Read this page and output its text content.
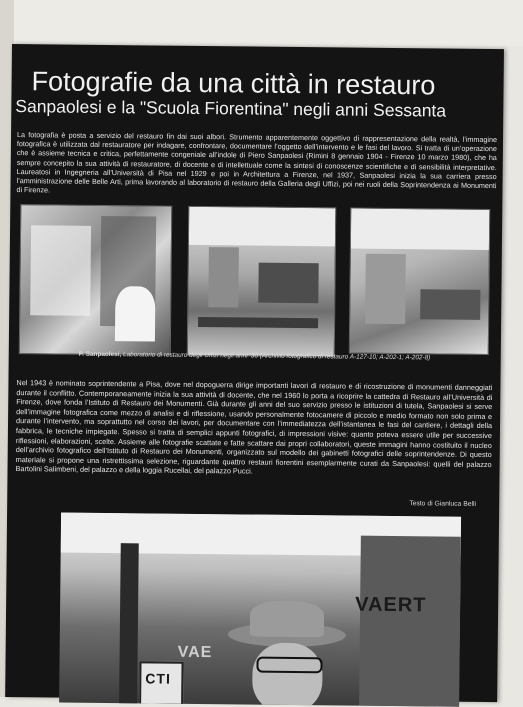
Fotografie da una città in restauro
Sanpaolesi e la "Scuola Fiorentina" negli anni Sessanta
La fotografia è posta a servizio del restauro fin dai suoi albori. Strumento apparentemente oggettivo di rappresentazione della realtà, l’immagine fotografica è utilizzata dal restauratore per indagare, confrontare, documentare l’oggetto dell’intervento e le fasi del lavoro. Si tratta di un’operazione che è assieme tecnica e critica, perfettamente congeniale all’indole di Piero Sanpaolesi (Rimini 8 gennaio 1904 - Firenze 10 marzo 1980), che ha sempre concepito la sua attività di restauratore, di docente e di intellettuale come la sintesi di conoscenze scientifiche e di sensibilità interpretative. Laureatosi in Ingegneria all’Università di Pisa nel 1929 e poi in Architettura a Firenze, nel 1937, Sanpaolesi inizia la sua carriera presso l’amministrazione delle Belle Arti, prima lavorando al laboratorio di restauro della Galleria degli Uffizi, poi nei ruoli della Soprintendenza ai Monumenti di Firenze.
P. Sanpaolesi, Laboratorio di restauro degli Uffizi negli anni ’30 (Archivio fotografico di restauro A-127-10; A-202-1; A-202-8)
Nel 1943 è nominato soprintendente a Pisa, dove nel dopoguerra dirige importanti lavori di restauro e di ricostruzione di monumenti danneggiati durante il conflitto. Contemporaneamente inizia la sua attività di docente, che nel 1960 lo porta a ricoprire la cattedra di Restauro all’Università di Firenze, dove fonda l’Istituto di Restauro dei Monumenti. Già durante gli anni del suo servizio presso le istituzioni di tutela, Sanpaolesi si serve dell’immagine fotografica come mezzo di analisi e di riflessione, usando personalmente fotocamere di piccolo e medio formato non solo prima e durante l’intervento, ma soprattutto nel corso dei lavori, per documentare con l’immediatezza dell’istantanea le fasi del cantiere, i dettagli della fabbrica, le tecniche impiegate. Spesso si tratta di semplici appunti fotografici, di impressioni visive: quanto poteva essere utile per successive riflessioni, elaborazioni, scelte. Assieme alle fotografie scattate e fatte scattare dai propri collaboratori, queste immagini hanno costituito il nucleo dell’archivio fotografico dell’Istituto di Restauro dei Monumenti, organizzato sul modello dei gabinetti fotografici delle soprintendenze. Di questo materiale si propone una ristrettissima selezione, riguardante quattro restauri fiorentini esemplarmente curati da Sanpaolesi: quelli del palazzo Bartolini Salimbeni, del palazzo e della loggia Rucellai, del palazzo Pucci.
Testo di Gianluca Belli
VAERT
VAE
CTI
